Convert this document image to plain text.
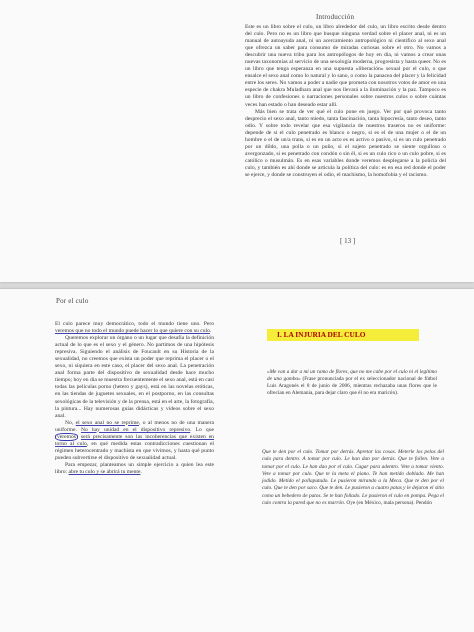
Introducción

Este es un libro sobre el culo, un libro alrededor del culo, un libro escrito desde dentro del culo. Pero no es un libro que busque ninguna verdad sobre el placer anal, ni es un manual de autoayuda anal, ni un acercamiento antropológico ni científico al sexo anal que ofrezca un saber para consumo de miradas curiosas sobre el otro. No vamos a descubrir una nueva tribu para los antropólogos de hoy en día, ni vamos a crear unas nuevas taxonomías al servicio de una sexología moderna, progresista y hasta queer. No es un libro que tenga esperanza en una supuesta «liberación» sexual por el culo, o que ensalce el sexo anal como lo natural y lo sano, o como la panacea del placer y la felicidad entre los seres. No vamos a poder a nadie que prometa con nosotros votos de amor en una especie de chakra Muladhara anal que nos llevará a la iluminación y la paz. Tampoco es un libro de confesiones o narraciones personales sobre nuestros culos o sobre cuántas veces han estado o han deseado estar allí.

Más bien se trata de ver qué el culo pone en juego. Ver por qué provoca tanto desprecio el sexo anal, tanto miedo, tanta fascinación, tanta hipocresía, tanto deseo, tanto odio. Y sobre todo revelar que esa vigilancia de nuestros traseros no es uniforme: depende de si el culo penetrado es blanco o negro, si es el de una mujer o el de un hombre o el de un/a trans, si es en un acto es es activo o pasivo, si es un culo penetrado por un dildo, una polla o un puño, si el sujeto penetrado se siente orgulloso o avergonzado, si es penetrado con condón o sin él, si es un culo rico o un culo pobre, si es católico o musulmán. Es en esas variables donde veremos desplegarse a la policía del culo, y también es ahí donde se articula la política del culo: es en esa red donde el poder se ejerce, y donde se construyen el odio, el machismo, la homofobia y el racismo.

[ 13 ]
Por el culo

El culo parece muy democrático, todo el mundo tiene uno. Pero veremos que no todo el mundo puede hacer lo que quiere con su culo.

Queremos explorar un órgano o un lugar que desafía la definición actual de lo que es el sexo y el género. No partimos de una hipótesis represiva. Siguiendo el análisis de Foucault en su Historia de la sexualidad, no creemos que exista un poder que reprima el placer o el sexo, ni siquiera en este caso, el placer del sexo anal. La penetración anal forma parte del dispositivo de sexualidad desde hace mucho tiempo; hoy en día se muestra frecuentemente el sexo anal, está en casi todas las películas porno (hetero y gays), está en las novelas eróticas, en las tiendas de juguetes sexuales, en el postporno, en las consultas sexológicas de la televisión y de la prensa, está en el arte, la fotografía, la pintura... Hay numerosas guías didácticas y vídeos sobre el sexo anal.

No, el sexo anal no se reprime, o al menos no de una manera uniforme. No hay unidad en el dispositivo represivo. Lo que veremos será precisamente son las incoherencias que existen en torno al culo, en qué medida estas contradicciones cuestionan el régimen heterocentrado y machista en que vivimos, y hasta qué punto pueden subvertirse el dispositivo de sexualidad actual.

Para empezar, planteamos un simple ejercicio a quien lea este libro: abre tu culo y se abrirá tu mente.

I. LA INJURIA DEL CULO
«Me van a dar a mí un ramo de flores, que no me cabe por el culo ni el legítimo de una gamba» (Frase pronunciada por el ex seleccionador nacional de fútbol Luis Aragonés el 8 de junio de 2006, mientras rechazaba unas flores que le ofrecían en Alemania, para dejar claro que él no era maricón).
Que te den por el culo. Tomar por detrás. Apretar las cosas. Meterle los pelos del culo para dentro. A tomar por culo. Le han dan por detrás. Que te follen. Vete a tomar por el culo. Le han dao por el culo. Cagar para adentro. Vete a tomar viento. Vete a tomar por culo. Que te la meta el piano. Te han metido doblado. Me han jodido. Metido el pollaputado. Le pusieron mirando a la Meca. Que te den por el culo. Que te den por saco. Que te den. Le pusieron a cuatro patas y le dejaron el sitio como un bebedero de patos. Se te han follado. Le pusieron el culo en pompa. Pega el culo contra la pared que no es marrón. Oye (en México, mala persona). Pendón
